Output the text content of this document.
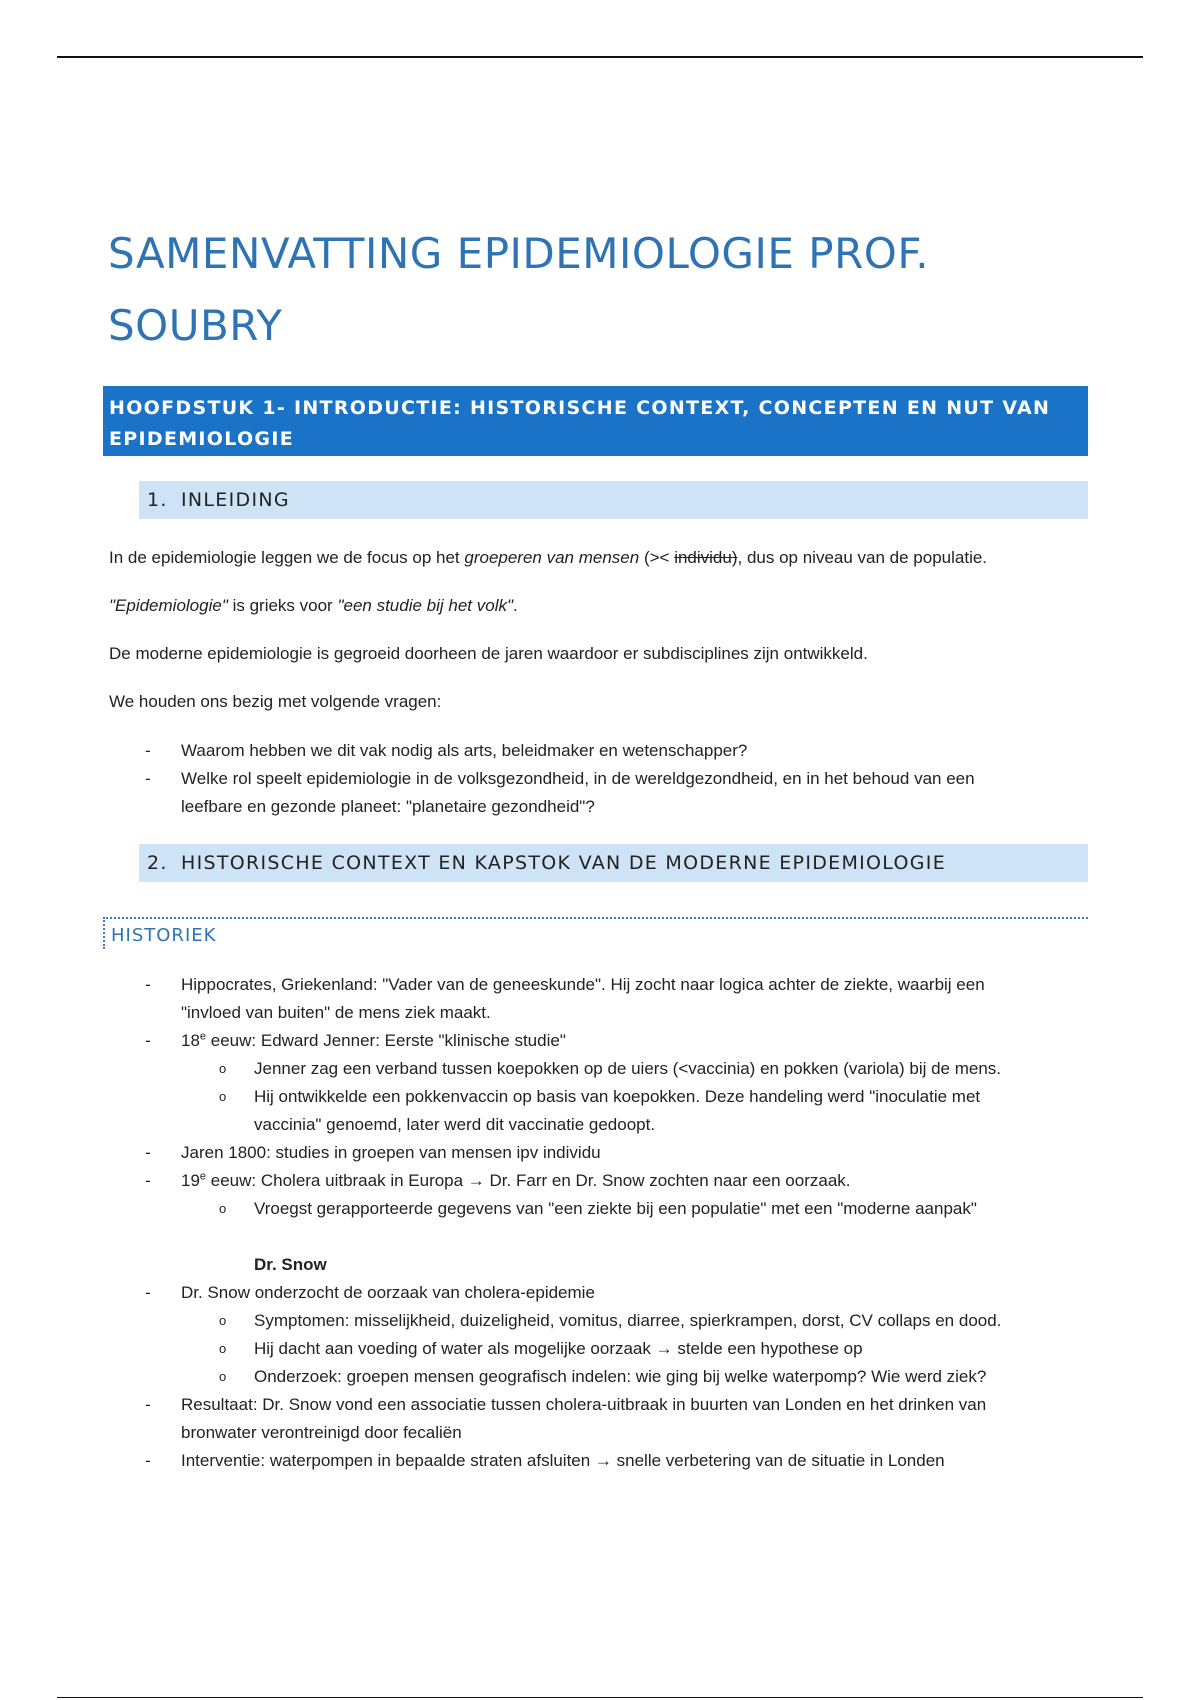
SAMENVATTING EPIDEMIOLOGIE PROF.
SOUBRY
HOOFDSTUK 1- INTRODUCTIE: HISTORISCHE CONTEXT, CONCEPTEN EN NUT VAN
EPIDEMIOLOGIE
1. INLEIDING

In de epidemiologie leggen we de focus op het groeperen van mensen (>< individu), dus op niveau van de populatie.

"Epidemiologie" is grieks voor "een studie bij het volk".

De moderne epidemiologie is gegroeid doorheen de jaren waardoor er subdisciplines zijn ontwikkeld.

We houden ons bezig met volgende vragen:

- Waarom hebben we dit vak nodig als arts, beleidmaker en wetenschapper?
- Welke rol speelt epidemiologie in de volksgezondheid, in de wereldgezondheid, en in het behoud van een
leefbare en gezonde planeet: "planetaire gezondheid"?
2. HISTORISCHE CONTEXT EN KAPSTOK VAN DE MODERNE EPIDEMIOLOGIE
HISTORIEK
- Hippocrates, Griekenland: "Vader van de geneeskunde". Hij zocht naar logica achter de ziekte, waarbij een
"invloed van buiten" de mens ziek maakt.
- 18e eeuw: Edward Jenner: Eerste "klinische studie"
o Jenner zag een verband tussen koepokken op de uiers (<vaccinia) en pokken (variola) bij de mens.
o Hij ontwikkelde een pokkenvaccin op basis van koepokken. Deze handeling werd "inoculatie met
vaccinia" genoemd, later werd dit vaccinatie gedoopt.
- Jaren 1800: studies in groepen van mensen ipv individu
- 19e eeuw: Cholera uitbraak in Europa → Dr. Farr en Dr. Snow zochten naar een oorzaak.
o Vroegst gerapporteerde gegevens van "een ziekte bij een populatie" met een "moderne aanpak"
Dr. Snow
- Dr. Snow onderzocht de oorzaak van cholera-epidemie
o Symptomen: misselijkheid, duizeligheid, vomitus, diarree, spierkrampen, dorst, CV collaps en dood.
o Hij dacht aan voeding of water als mogelijke oorzaak → stelde een hypothese op
o Onderzoek: groepen mensen geografisch indelen: wie ging bij welke waterpomp? Wie werd ziek?
- Resultaat: Dr. Snow vond een associatie tussen cholera-uitbraak in buurten van Londen en het drinken van
bronwater verontreinigd door fecaliën
- Interventie: waterpompen in bepaalde straten afsluiten → snelle verbetering van de situatie in Londen
